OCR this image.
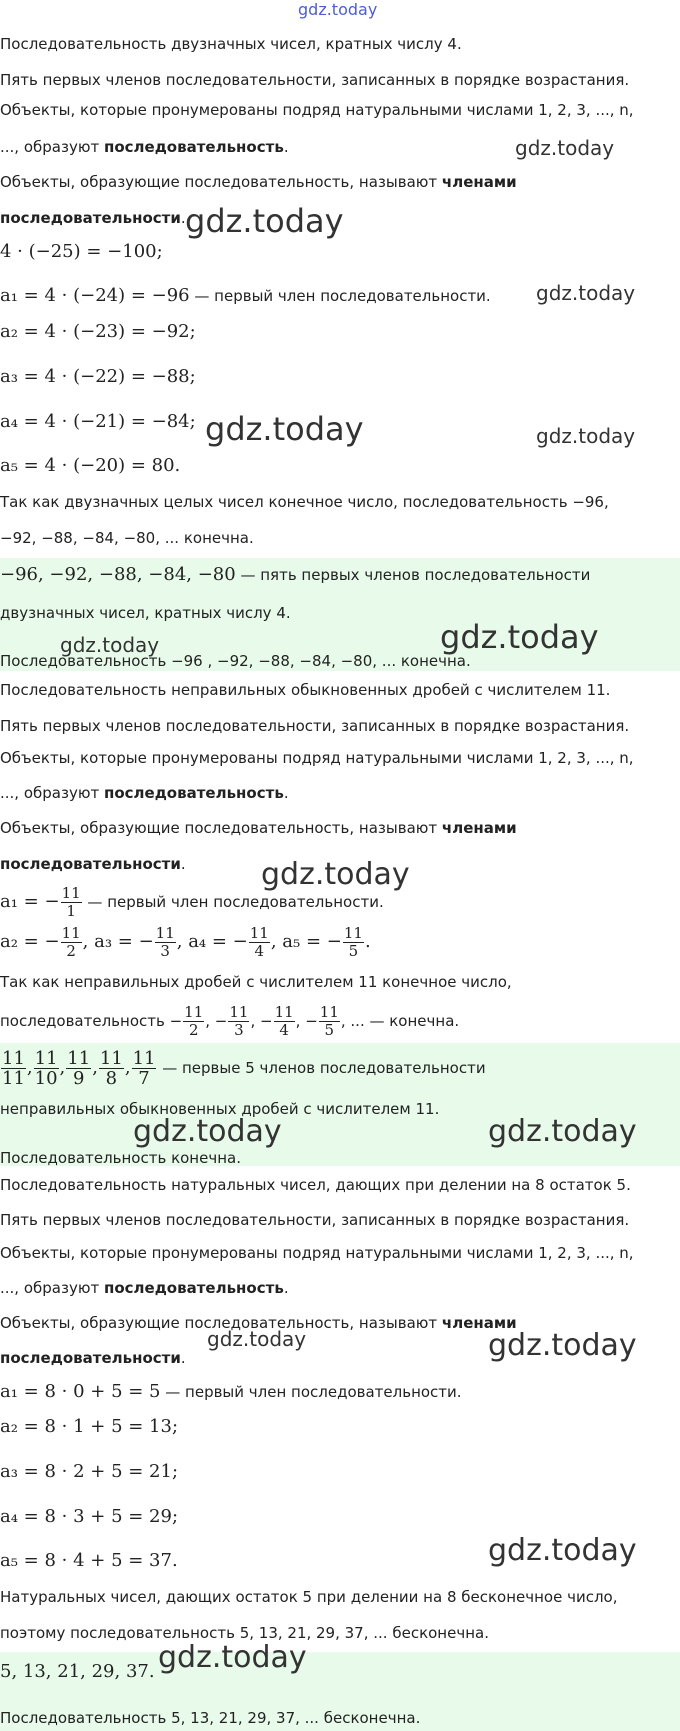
gdz.today
Последовательность двузначных чисел, кратных числу 4.
Пять первых членов последовательности, записанных в порядке возрастания.
Объекты, которые пронумерованы подряд натуральными числами 1, 2, 3, ..., n,
..., образуют последовательность.
Объекты, образующие последовательность, называют членами
последовательности.
4 · (−25) = −100;
a₁ = 4 · (−24) = −96 — первый член последовательности.
a₂ = 4 · (−23) = −92;
a₃ = 4 · (−22) = −88;
a₄ = 4 · (−21) = −84;
a₅ = 4 · (−20) = 80.
Так как двузначных целых чисел конечное число, последовательность −96,
−92, −88, −84, −80, ... конечна.
−96, −92, −88, −84, −80 — пять первых членов последовательности
двузначных чисел, кратных числу 4.
Последовательность −96 , −92, −88, −84, −80, ... конечна.
Последовательность неправильных обыкновенных дробей с числителем 11.
Пять первых членов последовательности, записанных в порядке возрастания.
Объекты, которые пронумерованы подряд натуральными числами 1, 2, 3, ..., n,
..., образуют последовательность.
Объекты, образующие последовательность, называют членами
последовательности.
a₁ = − $\frac{11}{1}$ — первый член последовательности.
a₂ = − $\frac{11}{2}$ , a₃ = − $\frac{11}{3}$ , a₄ = − $\frac{11}{4}$ , a₅ = − $\frac{11}{5}$ .
Так как неправильных дробей с числителем 11 конечное число,
последовательность − $\frac{11}{2}$ , − $\frac{11}{3}$ , − $\frac{11}{4}$ , − $\frac{11}{5}$ , ... — конечна.
$\frac{11}{11}$ , $\frac{11}{10}$ , $\frac{11}{9}$ , $\frac{11}{8}$ , $\frac{11}{7}$ — первые 5 членов последовательности
неправильных обыкновенных дробей с числителем 11.
Последовательность конечна.
Последовательность натуральных чисел, дающих при делении на 8 остаток 5.
Пять первых членов последовательности, записанных в порядке возрастания.
Объекты, которые пронумерованы подряд натуральными числами 1, 2, 3, ..., n,
..., образуют последовательность.
Объекты, образующие последовательность, называют членами
последовательности.
a₁ = 8 · 0 + 5 = 5 — первый член последовательности.
a₂ = 8 · 1 + 5 = 13;
a₃ = 8 · 2 + 5 = 21;
a₄ = 8 · 3 + 5 = 29;
a₅ = 8 · 4 + 5 = 37.
Натуральных чисел, дающих остаток 5 при делении на 8 бесконечное число,
поэтому последовательность 5, 13, 21, 29, 37, ... бесконечна.
5, 13, 21, 29, 37.
Последовательность 5, 13, 21, 29, 37, ... бесконечна.
gdz.today
gdz.today
gdz.today
gdz.today	gdz.today
gdz.today	gdz.today
gdz.today
gdz.today	gdz.today
gdz.today	gdz.today
gdz.today
gdz.today
